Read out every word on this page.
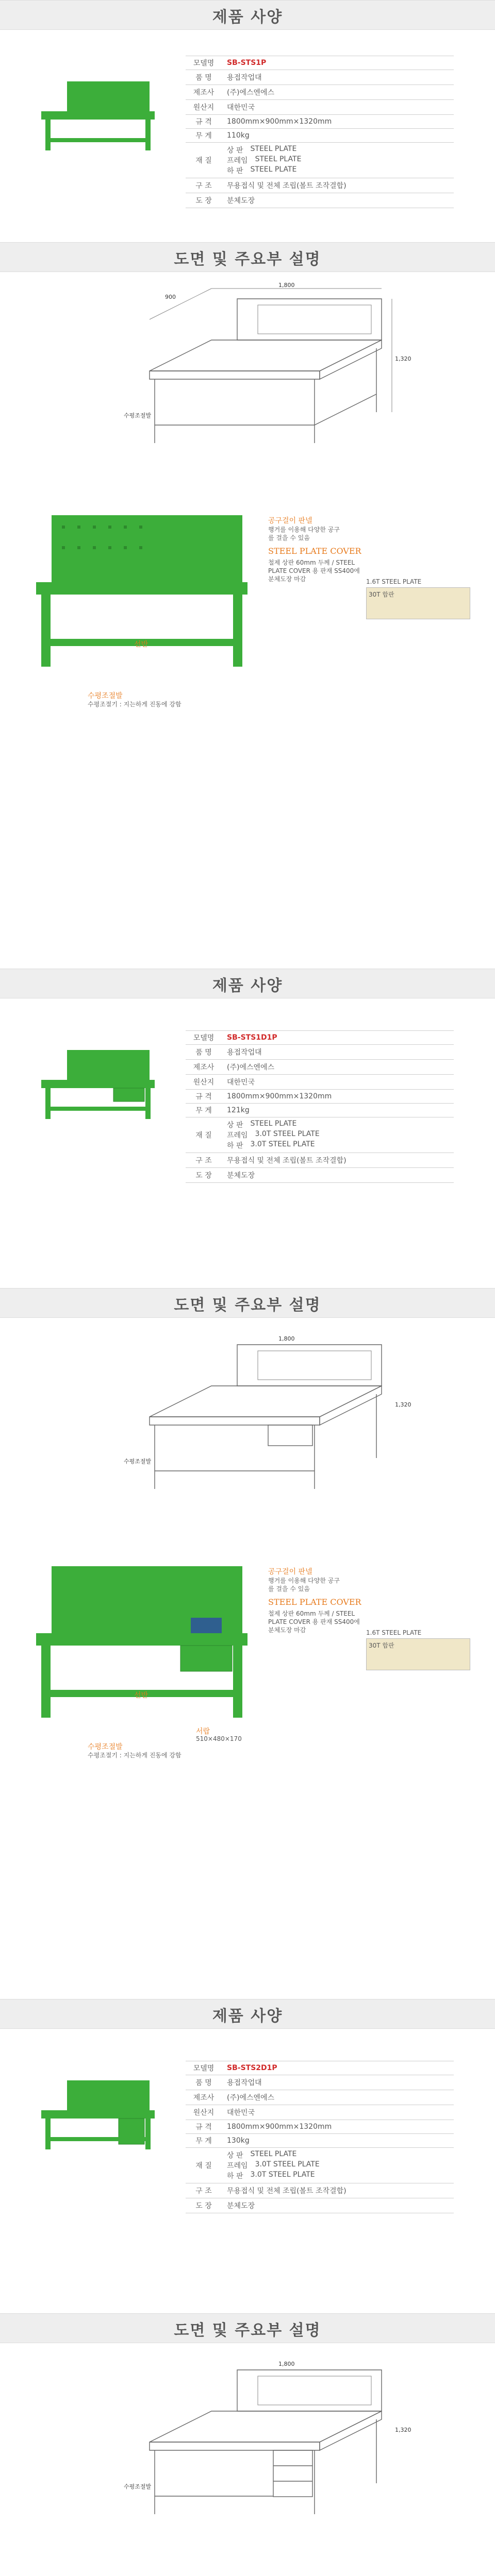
제품 사양
모델명	SB-STS1P
품 명	용접작업대
제조사	(주)에스엔에스
원산지	대한민국
규 격	1800mm×900mm×1320mm
무 게	110kg
재 질
상 판 STEEL PLATE
프레임 STEEL PLATE
하 판 STEEL PLATE
구 조	무용접식 및 전체 조립(볼트 조작결합)
도 장	분체도장
도면 및 주요부 설명
수평조절발
1,800
900
1,320
공구걸이 판넬
행거를 이용해 다양한 공구를 걸을 수 있음
STEEL PLATE COVER
철제 상판 60mm 두께 / STEEL PLATE COVER 용 판재 SS400에 분체도장 마감
30T 합판
1.6T STEEL PLATE
선반
수평조절발
수평조절기 : 지는하게 진동에 강함
제품 사양
모델명	SB-STS1D1P
품 명	용접작업대
제조사	(주)에스엔에스
원산지	대한민국
규 격	1800mm×900mm×1320mm
무 게	121kg
재 질
상 판 STEEL PLATE
프레임 3.0T STEEL PLATE
하 판 3.0T STEEL PLATE
구 조	무용접식 및 전체 조립(볼트 조작결합)
도 장	분체도장
도면 및 주요부 설명
수평조절발
1,800
1,320
공구걸이 판넬
행거를 이용해 다양한 공구를 걸을 수 있음
STEEL PLATE COVER
철제 상판 60mm 두께 / STEEL PLATE COVER 용 판재 SS400에 분체도장 마감
30T 합판
1.6T STEEL PLATE
선반
서랍
510×480×170
수평조절발
수평조절기 : 지는하게 진동에 강함
제품 사양
모델명	SB-STS2D1P
품 명	용접작업대
제조사	(주)에스엔에스
원산지	대한민국
규 격	1800mm×900mm×1320mm
무 게	130kg
재 질
상 판 STEEL PLATE
프레임 3.0T STEEL PLATE
하 판 3.0T STEEL PLATE
구 조	무용접식 및 전체 조립(볼트 조작결합)
도 장	분체도장
도면 및 주요부 설명
수평조절발
1,800
1,320
